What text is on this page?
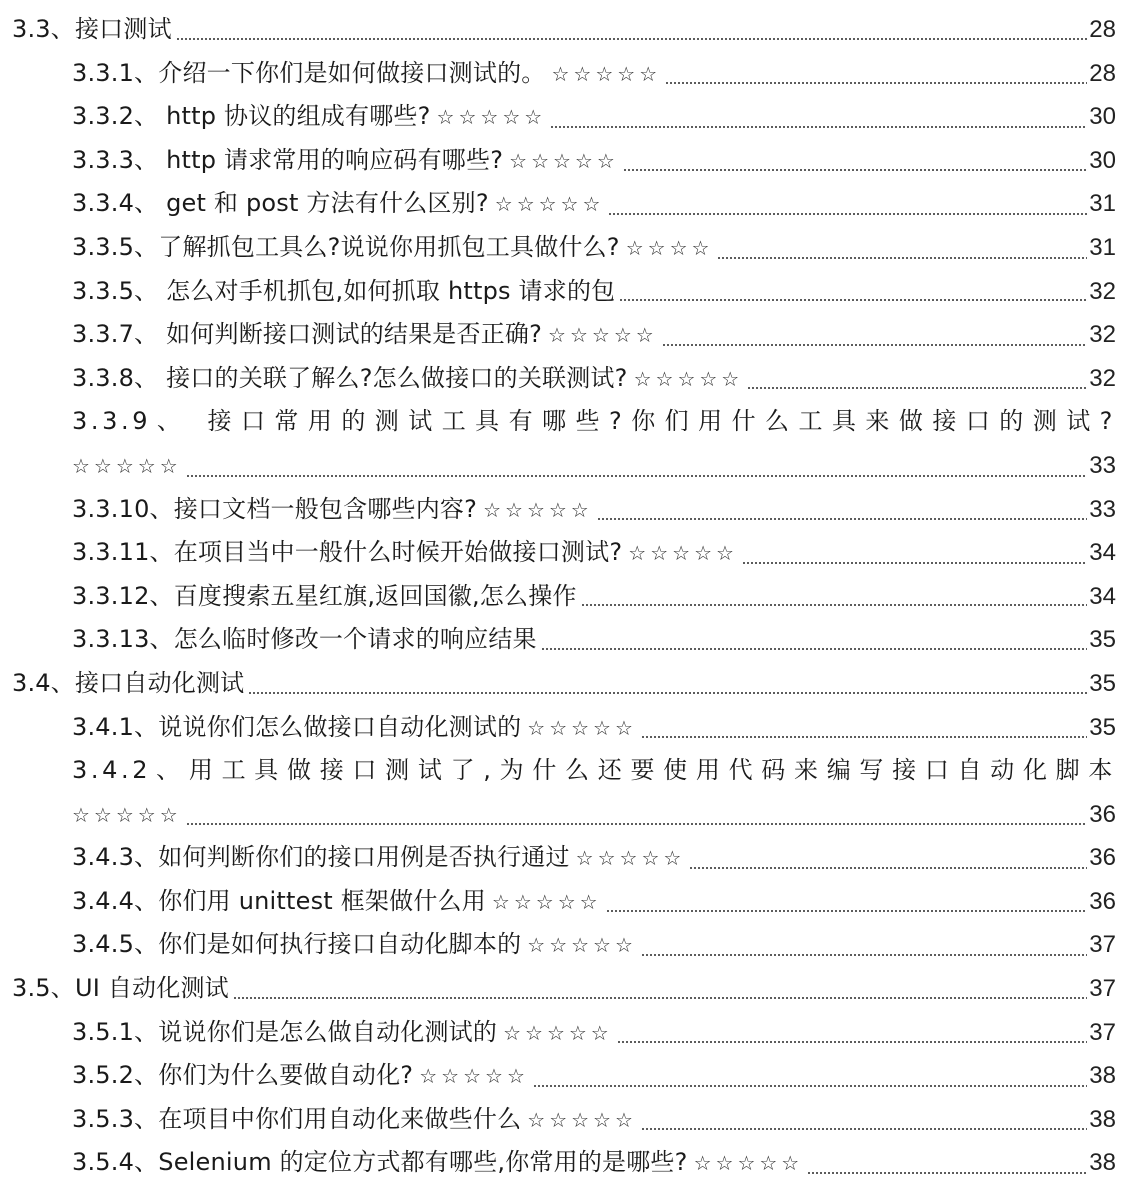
3.3、接口测试	28
3.3.1、介绍一下你们是如何做接口测试的。 ☆☆☆☆☆	28
3.3.2、 http 协议的组成有哪些? ☆☆☆☆☆	30
3.3.3、 http 请求常用的响应码有哪些? ☆☆☆☆☆	30
3.3.4、 get 和 post 方法有什么区别? ☆☆☆☆☆	31
3.3.5、了解抓包工具么?说说你用抓包工具做什么? ☆☆☆☆	31
3.3.5、 怎么对手机抓包,如何抓取 https 请求的包	32
3.3.7、 如何判断接口测试的结果是否正确? ☆☆☆☆☆	32
3.3.8、 接口的关联了解么?怎么做接口的关联测试? ☆☆☆☆☆	32
3.3.9、 接口常用的测试工具有哪些?你们用什么工具来做接口的测试?
☆☆☆☆☆	33
3.3.10、接口文档一般包含哪些内容? ☆☆☆☆☆	33
3.3.11、在项目当中一般什么时候开始做接口测试? ☆☆☆☆☆	34
3.3.12、百度搜索五星红旗,返回国徽,怎么操作	34
3.3.13、怎么临时修改一个请求的响应结果	35
3.4、接口自动化测试	35
3.4.1、说说你们怎么做接口自动化测试的 ☆☆☆☆☆	35
3.4.2、用工具做接口测试了,为什么还要使用代码来编写接口自动化脚本
☆☆☆☆☆	36
3.4.3、如何判断你们的接口用例是否执行通过 ☆☆☆☆☆	36
3.4.4、你们用 unittest 框架做什么用 ☆☆☆☆☆	36
3.4.5、你们是如何执行接口自动化脚本的 ☆☆☆☆☆	37
3.5、UI 自动化测试	37
3.5.1、说说你们是怎么做自动化测试的 ☆☆☆☆☆	37
3.5.2、你们为什么要做自动化? ☆☆☆☆☆	38
3.5.3、在项目中你们用自动化来做些什么 ☆☆☆☆☆	38
3.5.4、Selenium 的定位方式都有哪些,你常用的是哪些? ☆☆☆☆☆	38
